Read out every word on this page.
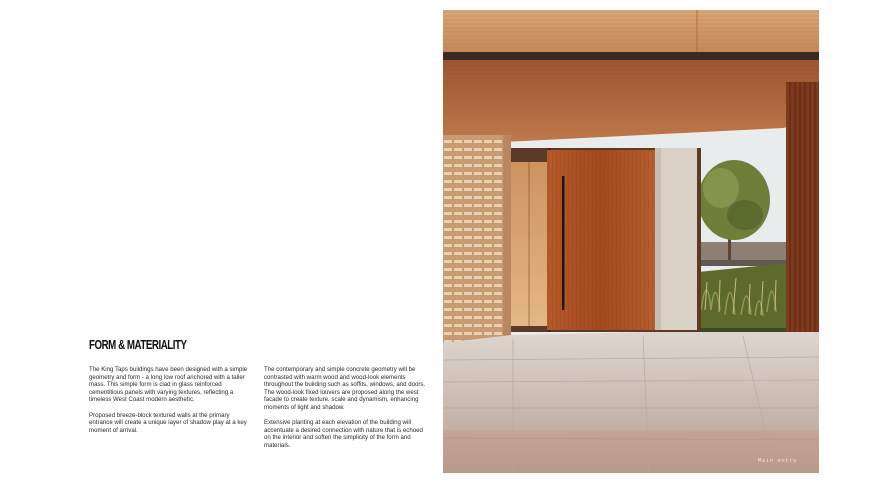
FORM & MATERIALITY

The King Taps buildings have been designed with a simple geometry and form - a long low roof anchored with a taller mass. This simple form is clad in glass reinforced cementitious panels with varying textures, reflecting a timeless West Coast modern aesthetic.

Proposed breeze-block textured walls at the primary entrance will create a unique layer of shadow play at a key moment of arrival.

The contemporary and simple concrete geometry will be contrasted with warm wood and wood-look elements throughout the building such as soffits, windows, and doors. The wood-look fixed louvers are proposed along the west facade to create texture, scale and dynamism, enhancing moments of light and shadow.

Extensive planting at each elevation of the building will accentuate a desired connection with nature that is echoed on the interior and soften the simplicity of the form and materials.

Main entry
